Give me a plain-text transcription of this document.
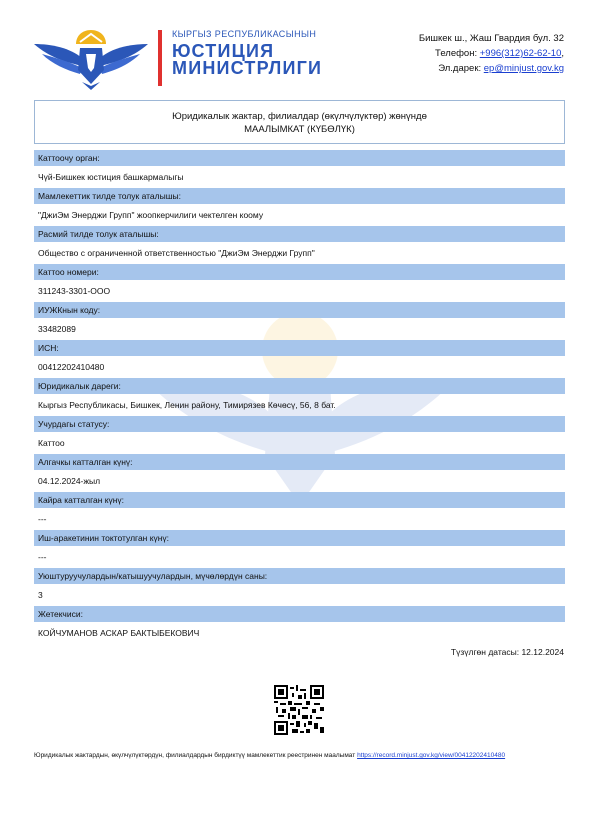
КЫРГЫЗ РЕСПУБЛИКАСЫНЫН
ЮСТИЦИЯ
МИНИСТРЛИГИ
Бишкек ш., Жаш Гвардия бул. 32
Телефон: +996(312)62-62-10,
Эл.дарек: ep@minjust.gov.kg
Юридикалык жактар, филиалдар (өкүлчүлүктөр) жөнүндө
МААЛЫМКАТ (КҮБӨЛҮК)
Каттоочу орган:
Чүй-Бишкек юстиция башкармалыгы
Мамлекеттик тилде толук аталышы:
"ДжиЭм Энерджи Групп" жоопкерчилиги чектелген коому
Расмий тилде толук аталышы:
Общество с ограниченной ответственностью "ДжиЭм Энерджи Групп"
Каттоо номери:
311243-3301-ООО
ИУЖКнын коду:
33482089
ИСН:
00412202410480
Юридикалык дареги:
Кыргыз Республикасы, Бишкек, Ленин району, Тимирязев Көчөсү, 56, 8 бат.
Учурдагы статусу:
Каттоо
Алгачкы катталган күнү:
04.12.2024-жыл
Кайра катталган күнү:
---
Иш-аракетинин токтотулган күнү:
---
Уюштуруучулардын/катышуучулардын, мүчөлөрдүн саны:
3
Жетекчиси:
КОЙЧУМАНОВ АСКАР БАКТЫБЕКОВИЧ
Түзүлгөн датасы: 12.12.2024
Юридикалык жактардын, өкүлчүлүктөрдүн, филиалдардын бирдиктүү мамлекеттик реестринен маалымат https://record.minjust.gov.kg/view/00412202410480
